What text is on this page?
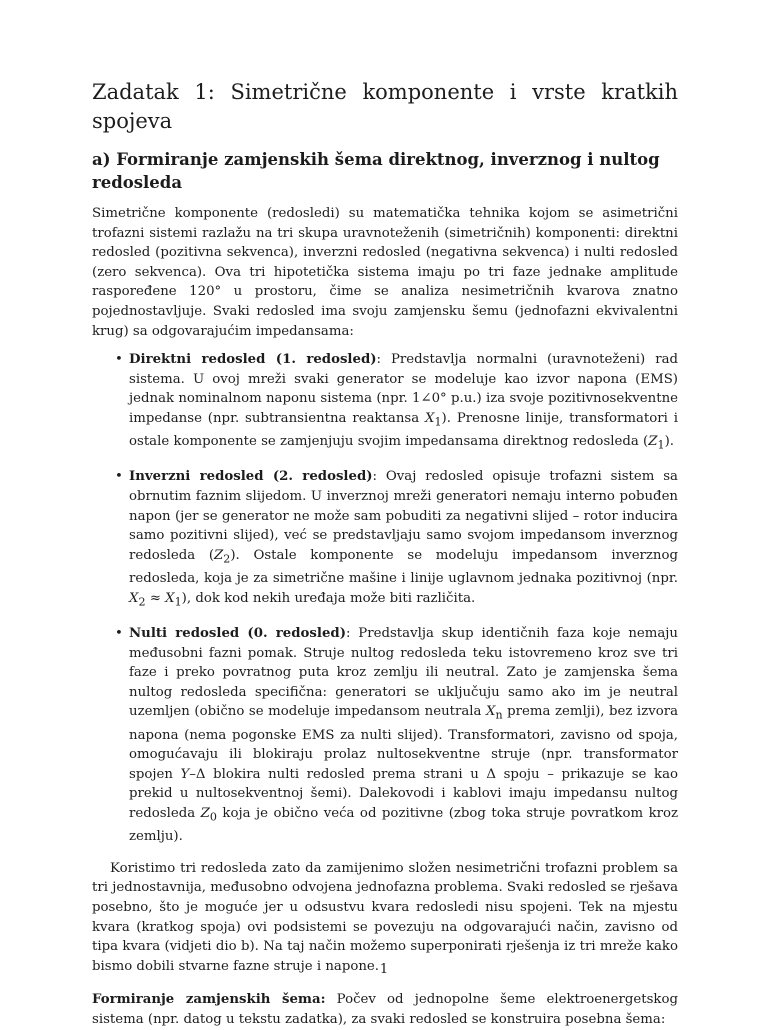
Zadatak 1: Simetrične komponente i vrste kratkih spojeva
a) Formiranje zamjenskih šema direktnog, inverznog i nultog redosleda

Simetrične komponente (redosledi) su matematička tehnika kojom se asimetrični trofazni sistemi razlažu na tri skupa uravnoteženih (simetričnih) komponenti: direktni redosled (pozitivna sekvenca), inverzni redosled (negativna sekvenca) i nulti redosled (zero sekvenca). Ova tri hipotetička sistema imaju po tri faze jednake amplitude raspoređene 120° u prostoru, čime se analiza nesimetričnih kvarova znatno pojednostavljuje. Svaki redosled ima svoju zamjensku šemu (jednofazni ekvivalentni krug) sa odgovarajućim impedansama:

• Direktni redosled (1. redosled): Predstavlja normalni (uravnoteženi) rad sistema. U ovoj mreži svaki generator se modeluje kao izvor napona (EMS) jednak nominalnom naponu sistema (npr. 1∠0° p.u.) iza svoje pozitivnosekventne impedanse (npr. subtransientna reaktansa $X_1$). Prenosne linije, transformatori i ostale komponente se zamjenjuju svojim impedansama direktnog redosleda $(Z_1)$.
• Inverzni redosled (2. redosled): Ovaj redosled opisuje trofazni sistem sa obrnutim faznim slijedom. U inverznoj mreži generatori nemaju interno pobuđen napon (jer se generator ne može sam pobuditi za negativni slijed – rotor inducira samo pozitivni slijed), već se predstavljaju samo svojom impedansom inverznog redosleda $(Z_2)$. Ostale komponente se modeluju impedansom inverznog redosleda, koja je za simetrične mašine i linije uglavnom jednaka pozitivnoj (npr. $X_2 \approx X_1$), dok kod nekih uređaja može biti različita.
• Nulti redosled (0. redosled): Predstavlja skup identičnih faza koje nemaju međusobni fazni pomak. Struje nultog redosleda teku istovremeno kroz sve tri faze i preko povratnog puta kroz zemlju ili neutral. Zato je zamjenska šema nultog redosleda specifična: generatori se uključuju samo ako im je neutral uzemljen (obično se modeluje impedansom neutrala $X_n$ prema zemlji), bez izvora napona (nema pogonske EMS za nulti slijed). Transformatori, zavisno od spoja, omogućavaju ili blokiraju prolaz nultosekventne struje (npr. transformator spojen Y–Δ blokira nulti redosled prema strani u Δ spoju – prikazuje se kao prekid u nultosekventnoj šemi). Dalekovodi i kablovi imaju impedansu nultog redosleda $Z_0$ koja je obično veća od pozitivne (zbog toka struje povratkom kroz zemlju).

Koristimo tri redosleda zato da zamijenimo složen nesimetrični trofazni problem sa tri jednostavnija, međusobno odvojena jednofazna problema. Svaki redosled se rješava posebno, što je moguće jer u odsustvu kvara redosledi nisu spojeni. Tek na mjestu kvara (kratkog spoja) ovi podsistemi se povezuju na odgovarajući način, zavisno od tipa kvara (vidjeti dio b). Na taj način možemo superponirati rješenja iz tri mreže kako bismo dobili stvarne fazne struje i napone.

Formiranje zamjenskih šema: Počev od jednopolne šeme elektroenergetskog sistema (npr. datog u tekstu zadatka), za svaki redosled se konstruira posebna šema:

1
